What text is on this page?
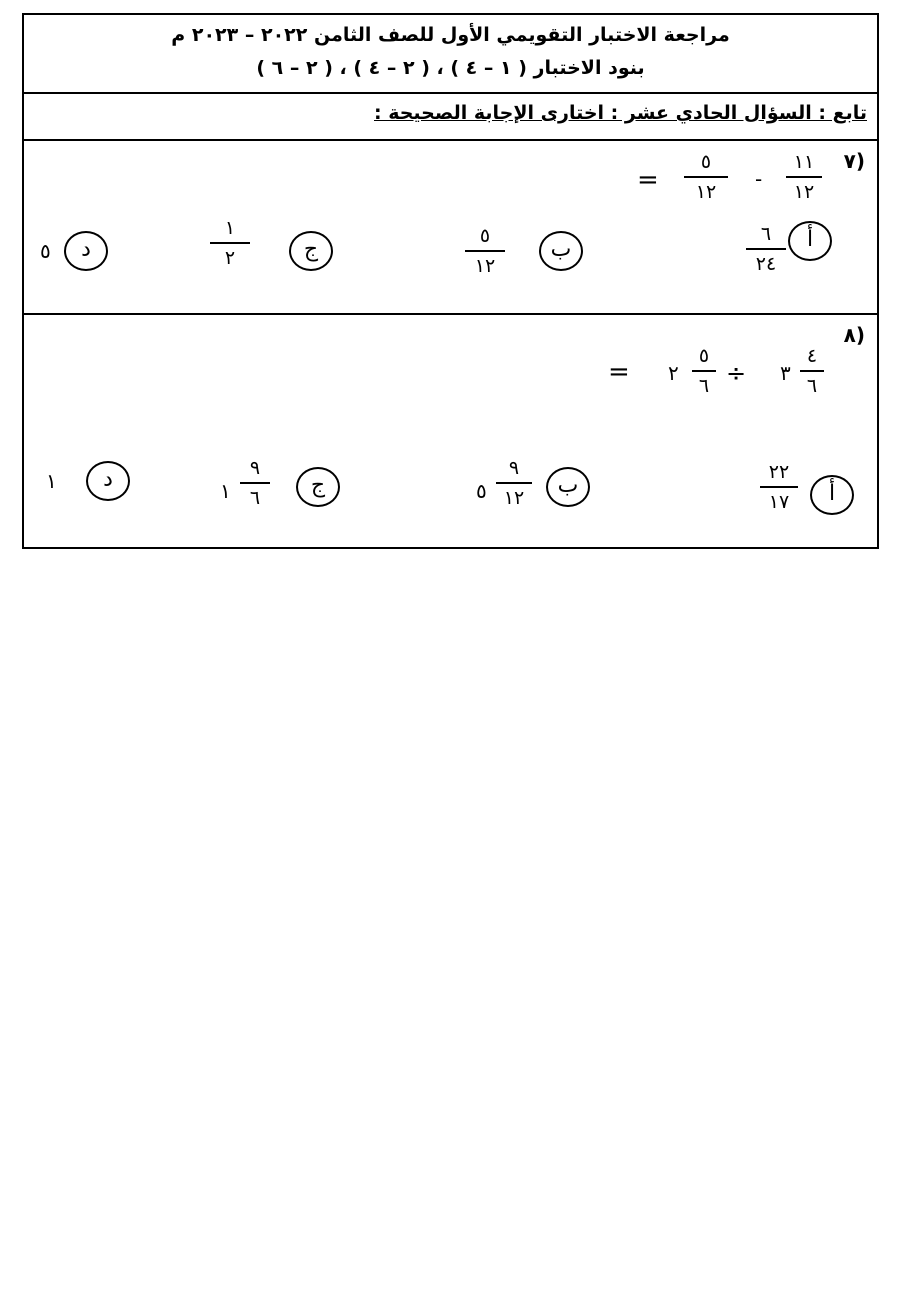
مراجعة الاختبار التقويمي الأول للصف الثامن ٢٠٢٢ – ٢٠٢٣ م
بنود الاختبار ( ١ – ٤ ) ، ( ٢ – ٤ ) ، ( ٢ – ٦ )
تابع : السؤال الحادي عشر : اختارى الإجابة الصحيحة :
٧)
١١
١٢
-
٥
١٢
=
أ
٦
٢٤
ب
٥
١٢
ج
١
٢
د
٥
٨)
٤
٦
٣
÷
٥
٦
٢
=
أ
٢٢
١٧
ب
٩
١٢
٥
ج
٩
٦
١
د
١
